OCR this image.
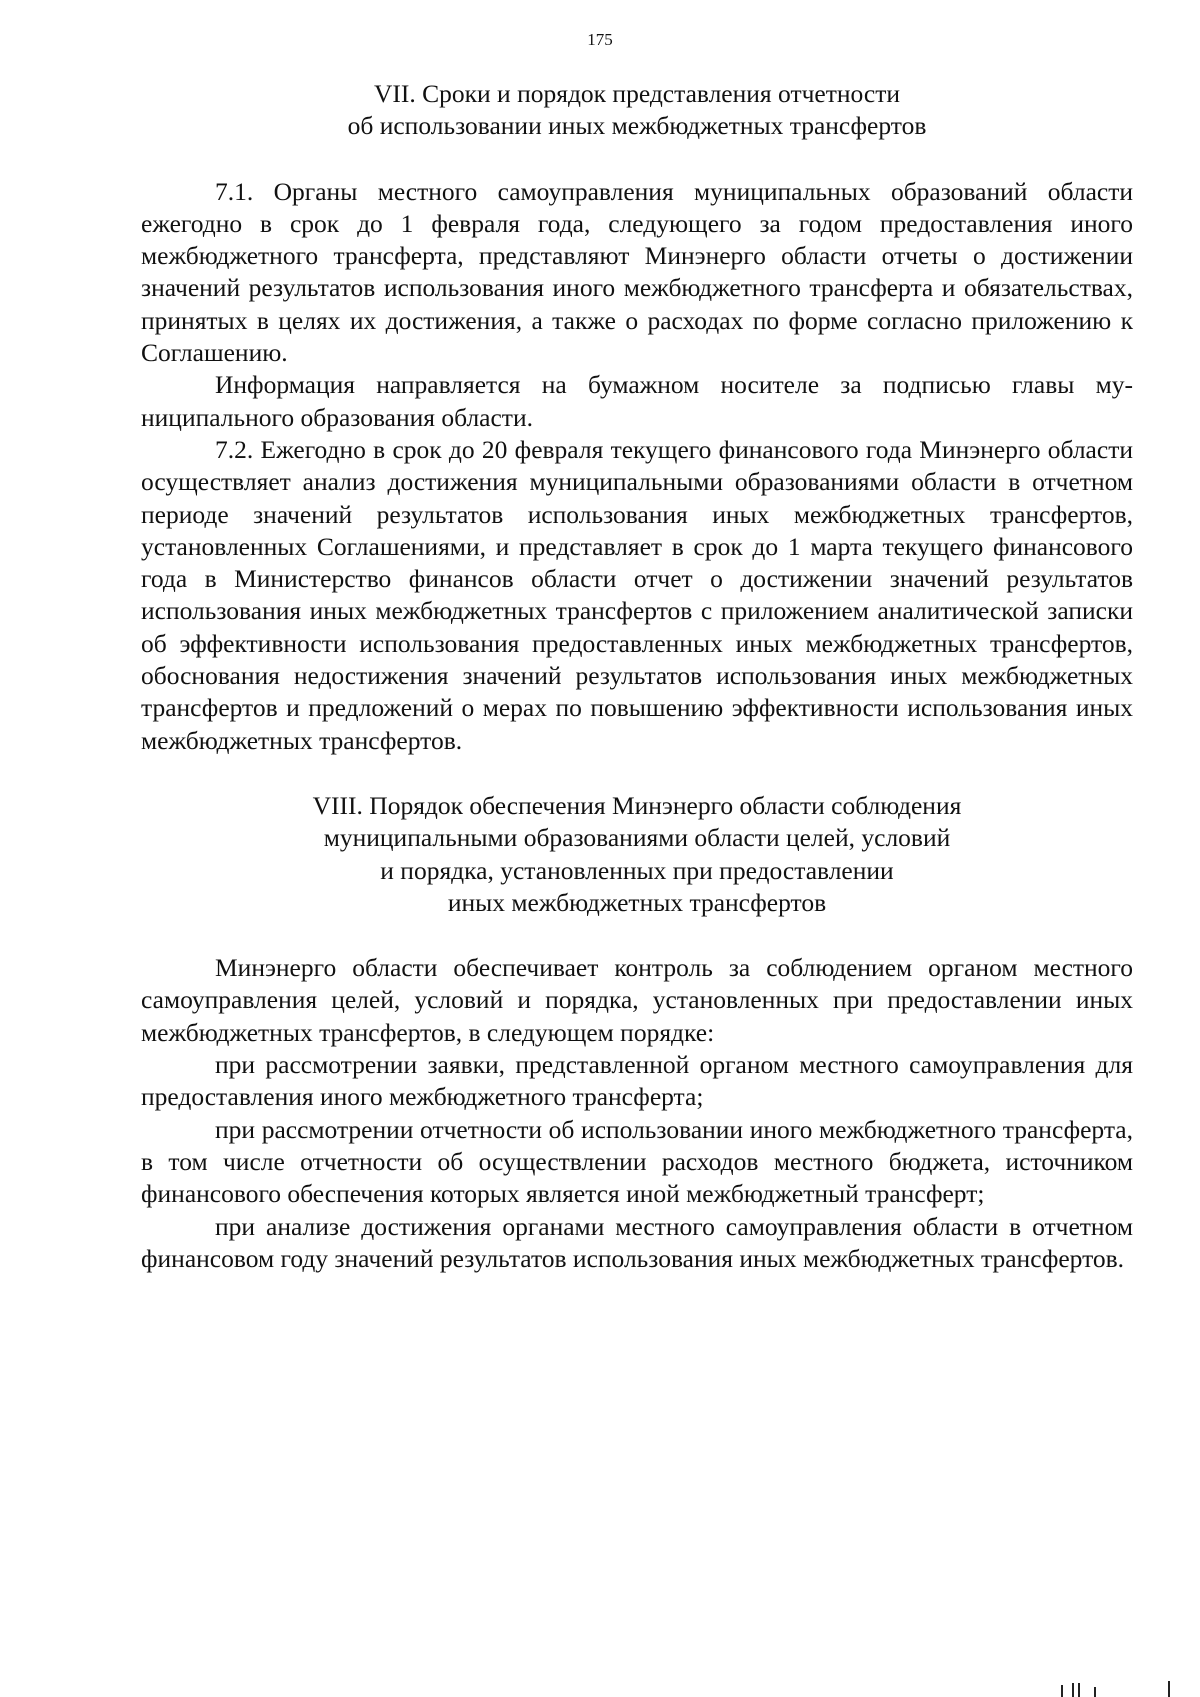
175
VII. Сроки и порядок представления отчетности
об использовании иных межбюджетных трансфертов

7.1. Органы местного самоуправления муниципальных образований области ежегодно в срок до 1 февраля года, следующего за годом предоставления иного межбюджетного трансферта, представляют Минэнерго области отчеты о достижении значений результатов использования иного межбюджетного трансферта и обязательствах, принятых в целях их достижения, а также о расходах по форме согласно приложению к Соглашению.

Информация направляется на бумажном носителе за подписью главы муниципального образования области.

7.2. Ежегодно в срок до 20 февраля текущего финансового года Минэнерго области осуществляет анализ достижения муниципальными образованиями области в отчетном периоде значений результатов использования иных межбюджетных трансфертов, установленных Соглашениями, и представляет в срок до 1 марта текущего финансового года в Министерство финансов области отчет о достижении значений результатов использования иных межбюджетных трансфертов с приложением аналитической записки об эффективности использования предоставленных иных межбюджетных трансфертов, обоснования недостижения значений результатов использования иных межбюджетных трансфертов и предложений о мерах по повышению эффективности использования иных межбюджетных трансфертов.

VIII. Порядок обеспечения Минэнерго области соблюдения
муниципальными образованиями области целей, условий
и порядка, установленных при предоставлении
иных межбюджетных трансфертов

Минэнерго области обеспечивает контроль за соблюдением органом местного самоуправления целей, условий и порядка, установленных при предоставлении иных межбюджетных трансфертов, в следующем порядке:

при рассмотрении заявки, представленной органом местного самоуправления для предоставления иного межбюджетного трансферта;

при рассмотрении отчетности об использовании иного межбюджетного трансферта, в том числе отчетности об осуществлении расходов местного бюджета, источником финансового обеспечения которых является иной межбюджетный трансферт;

при анализе достижения органами местного самоуправления области в отчетном финансовом году значений результатов использования иных межбюджетных трансфертов.
